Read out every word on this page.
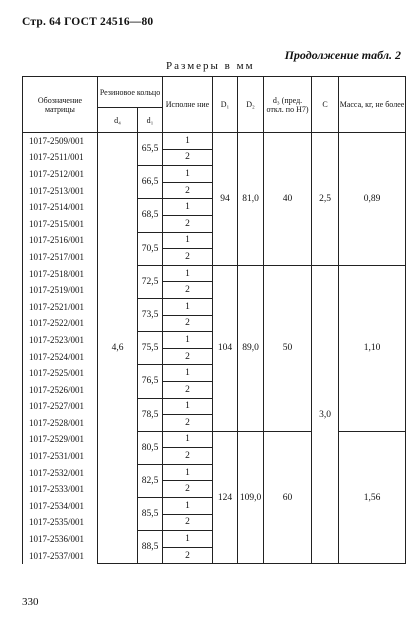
Стр. 64 ГОСТ 24516—80
Продолжение табл. 2
Размеры в мм
Обозначение матрицы	Резиновое кольцо		Исполне ние	D₁	D₂	d₃ (пред. откл. по H7)	C	Масса, кг, не более
	d₄	d₁						
1017-2509/001	4,6	65,5	1	94	81,0	40	2,5	0,89
1017-2511/001			2					
1017-2512/001		66,5	1					
1017-2513/001			2					
1017-2514/001		68,5	1					
1017-2515/001			2					
1017-2516/001		70,5	1					
1017-2517/001			2					
1017-2518/001		72,5	1	104	89,0	50	3,0	1,10
1017-2519/001			2					
1017-2521/001		73,5	1					
1017-2522/001			2					
1017-2523/001		75,5	1					
1017-2524/001			2					
1017-2525/001		76,5	1					
1017-2526/001			2					
1017-2527/001		78,5	1					
1017-2528/001			2					
1017-2529/001		80,5	1	124	109,0	60		1,56
1017-2531/001			2					
1017-2532/001		82,5	1					
1017-2533/001			2					
1017-2534/001		85,5	1					
1017-2535/001			2					
1017-2536/001		88,5	1					
1017-2537/001			2					
330
